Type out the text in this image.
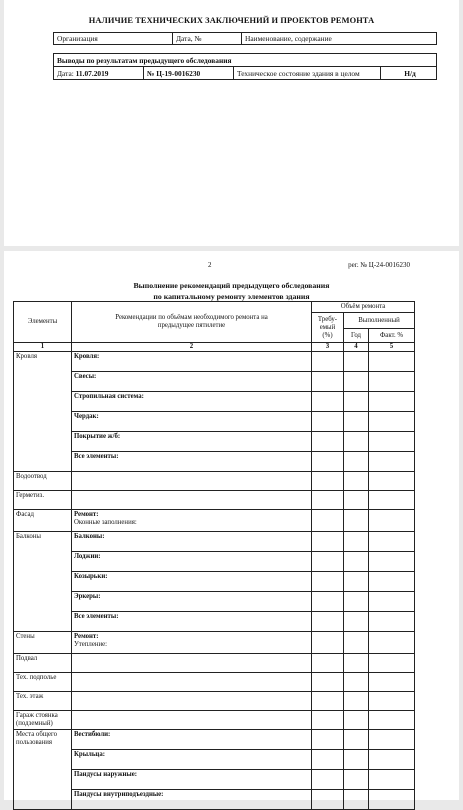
НАЛИЧИЕ ТЕХНИЧЕСКИХ ЗАКЛЮЧЕНИЙ И ПРОЕКТОВ РЕМОНТА
Организация	Дата, №	Наименование, содержание
Выводы по результатам предыдущего обследования
Дата: 11.07.2019	№ Ц-19-0016230	Техническое состояние здания в целом	Н/д
2	рег. № Ц-24-0016230
Выполнение рекомендаций предыдущего обследования
по капитальному ремонту элементов здания
Элементы	Рекомендации по объёмам необходимого ремонта на предыдущее пятилетие	Объём ремонта		
		Требу-емый (%)	Выполненный	
			Год	Факт. %
1	2	3	4	5
Кровля	Кровля:			

	Свесы:			

	Стропильная система:			

	Чердак:			

	Покрытие ж/б:			

	Все элементы:			

Водоотвод	

Герметиз.	

Фасад	Ремонт:
Оконные заполнения:			

Балконы	Балконы:			

	Лоджии:			

	Козырьки:			

	Эркеры:			

	Все элементы:			

Стены	Ремонт:
Утепление:			

Подвал	

Тех. подполье	

Тех. этаж	

Гараж стоянка (подземный)	

Места общего пользования	Вестибюли:			

	Крыльца:			

	Пандусы наружные:			

	Пандусы внутриподъездные:			
